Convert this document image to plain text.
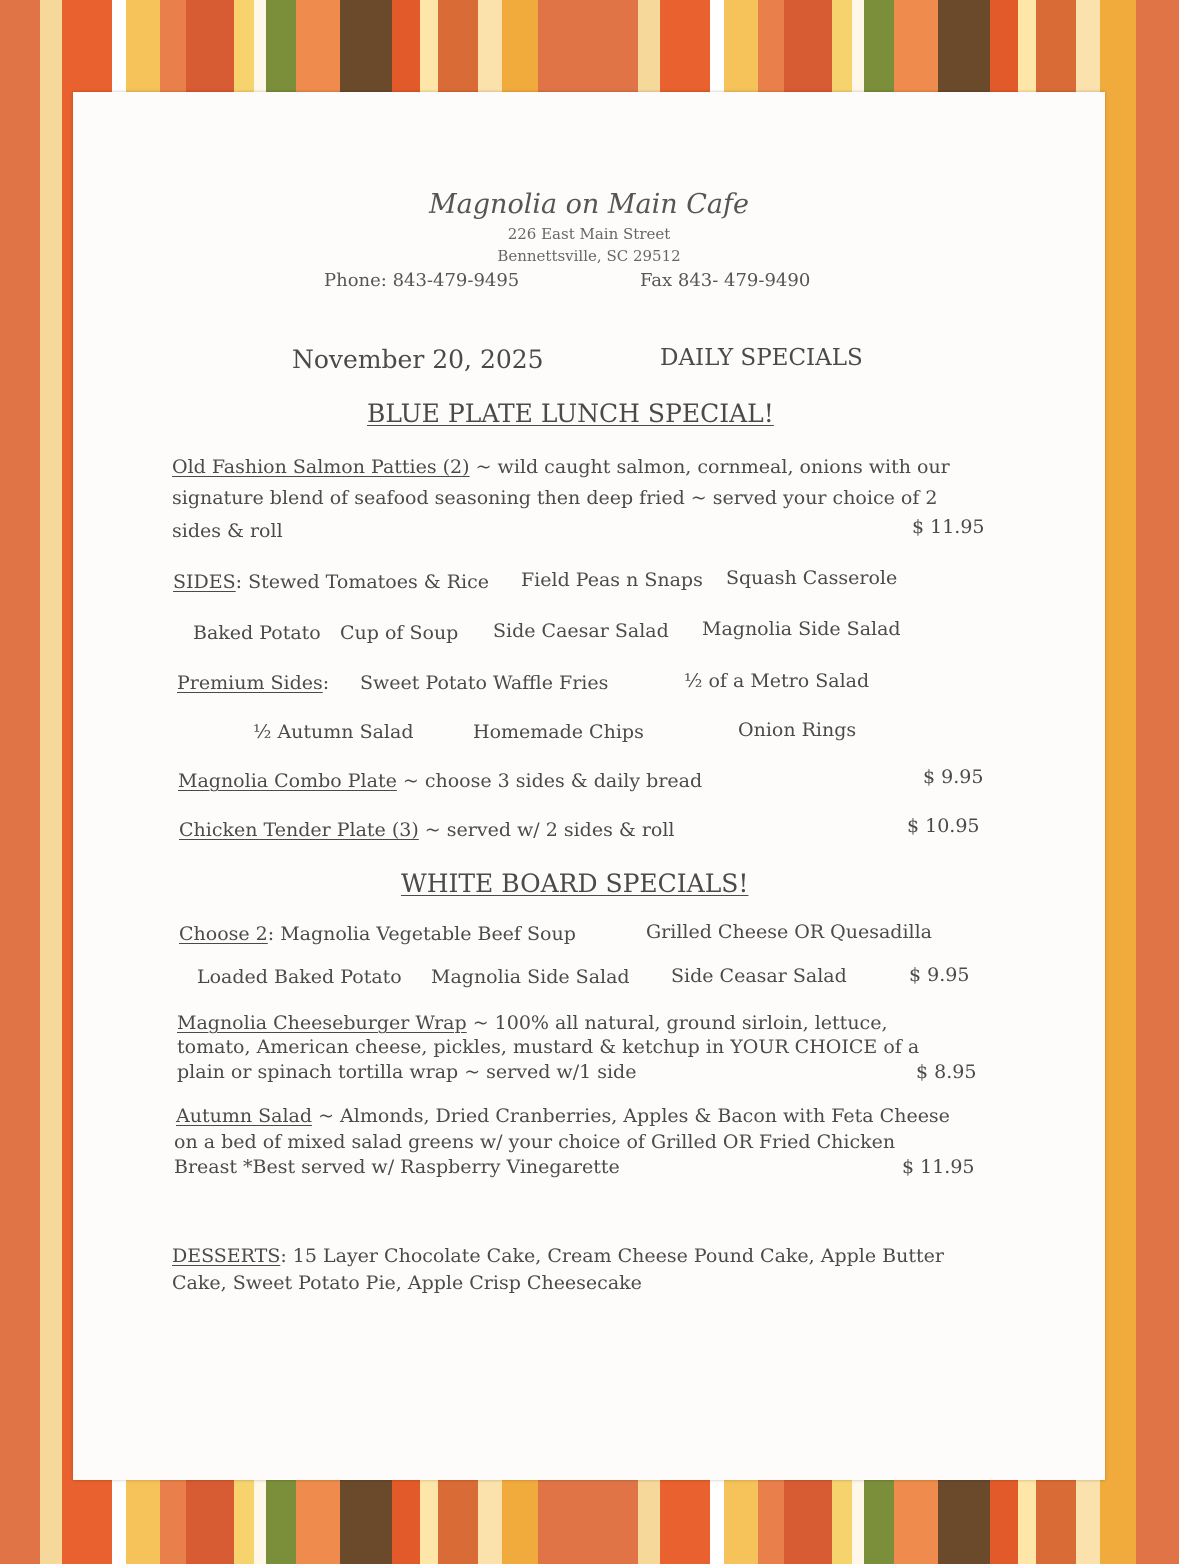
Magnolia on Main Cafe
226 East Main Street
Bennettsville, SC 29512
Phone: 843-479-9495	Fax 843- 479-9490
November 20, 2025	DAILY SPECIALS
BLUE PLATE LUNCH SPECIAL!
Old Fashion Salmon Patties (2) ~ wild caught salmon, cornmeal, onions with our
signature blend of seafood seasoning then deep fried ~ served your choice of 2
sides & roll	$ 11.95
SIDES: Stewed Tomatoes & Rice Field Peas n Snaps Squash Casserole
Baked Potato Cup of Soup Side Caesar Salad Magnolia Side Salad
Premium Sides: Sweet Potato Waffle Fries	½ of a Metro Salad
½ Autumn Salad	Homemade Chips	Onion Rings
Magnolia Combo Plate ~ choose 3 sides & daily bread	$ 9.95
Chicken Tender Plate (3) ~ served w/ 2 sides & roll	$ 10.95
WHITE BOARD SPECIALS!
Choose 2: Magnolia Vegetable Beef Soup	Grilled Cheese OR Quesadilla
Loaded Baked Potato Magnolia Side Salad Side Ceasar Salad	$ 9.95
Magnolia Cheeseburger Wrap ~ 100% all natural, ground sirloin, lettuce,
tomato, American cheese, pickles, mustard & ketchup in YOUR CHOICE of a
plain or spinach tortilla wrap ~ served w/1 side	$ 8.95
Autumn Salad ~ Almonds, Dried Cranberries, Apples & Bacon with Feta Cheese
on a bed of mixed salad greens w/ your choice of Grilled OR Fried Chicken
Breast *Best served w/ Raspberry Vinegarette	$ 11.95
DESSERTS: 15 Layer Chocolate Cake, Cream Cheese Pound Cake, Apple Butter
Cake, Sweet Potato Pie, Apple Crisp Cheesecake
